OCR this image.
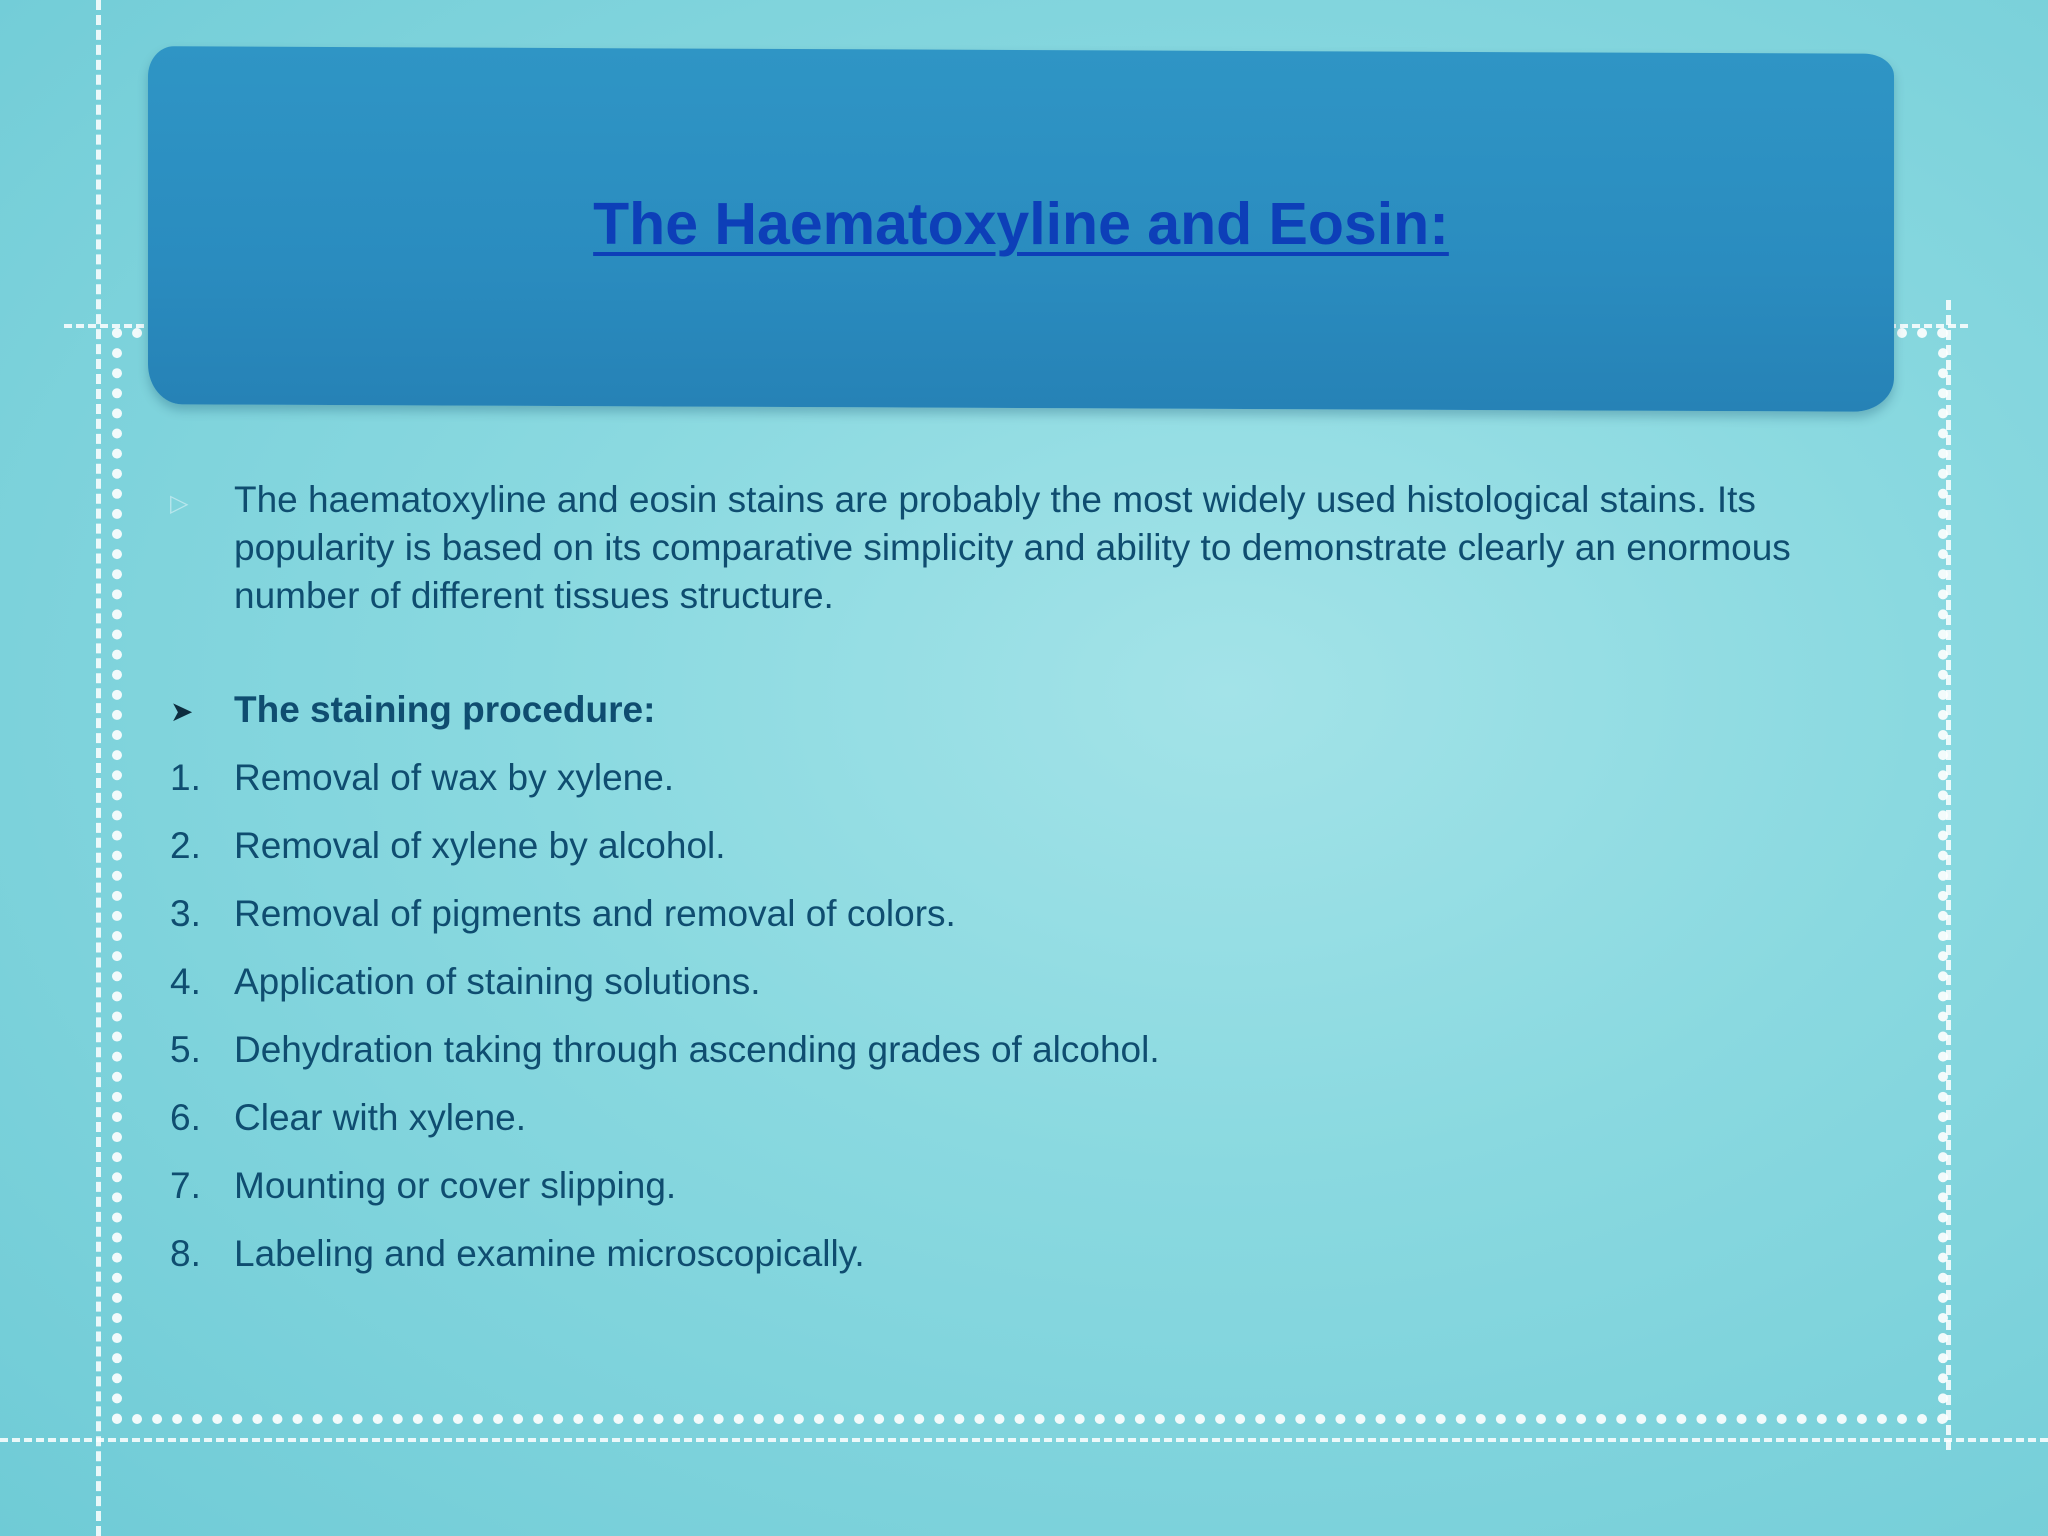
The Haematoxyline and Eosin:

▷ The haematoxyline and eosin stains are probably the most widely used histological stains. Its popularity is based on its comparative simplicity and ability to demonstrate clearly an enormous number of different tissues structure.

➤ The staining procedure:
1. Removal of wax by xylene.
2. Removal of xylene by alcohol.
3. Removal of pigments and removal of colors.
4. Application of staining solutions.
5. Dehydration taking through ascending grades of alcohol.
6. Clear with xylene.
7. Mounting or cover slipping.
8. Labeling and examine microscopically.
